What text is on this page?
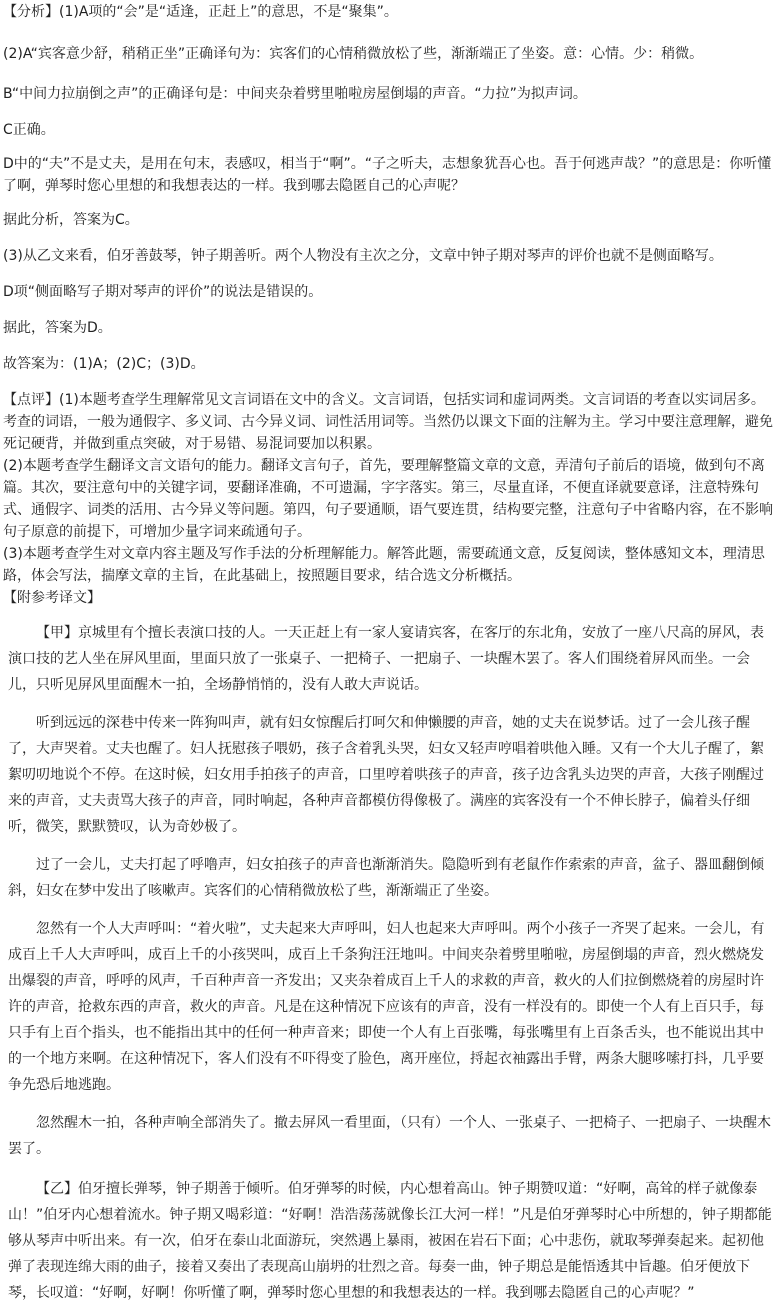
【分析】(1)A项的“会”是“适逢，正赶上”的意思，不是“聚集”。

(2)A“宾客意少舒，稍稍正坐”正确译句为：宾客们的心情稍微放松了些，渐渐端正了坐姿。意：心情。少：稍微。

B“中间力拉崩倒之声”的正确译句是：中间夹杂着劈里啪啦房屋倒塌的声音。“力拉”为拟声词。

C正确。

D中的“夫”不是丈夫，是用在句末，表感叹，相当于“啊”。“子之听夫，志想象犹吾心也。吾于何逃声哉？”的意思是：你听懂了啊，弹琴时您心里想的和我想表达的一样。我到哪去隐匿自己的心声呢？

据此分析，答案为C。

(3)从乙文来看，伯牙善鼓琴，钟子期善听。两个人物没有主次之分，文章中钟子期对琴声的评价也就不是侧面略写。

D项“侧面略写子期对琴声的评价”的说法是错误的。

据此，答案为D。

故答案为：(1)A；(2)C；(3)D。

【点评】(1)本题考查学生理解常见文言词语在文中的含义。文言词语，包括实词和虚词两类。文言词语的考查以实词居多。考查的词语，一般为通假字、多义词、古今异义词、词性活用词等。当然仍以课文下面的注解为主。学习中要注意理解，避免死记硬背，并做到重点突破，对于易错、易混词要加以积累。

(2)本题考查学生翻译文言文语句的能力。翻译文言句子，首先，要理解整篇文章的文意，弄清句子前后的语境，做到句不离篇。其次，要注意句中的关键字词，要翻译准确，不可遗漏，字字落实。第三，尽量直译，不便直译就要意译，注意特殊句式、通假字、词类的活用、古今异义等问题。第四，句子要通顺，语气要连贯，结构要完整，注意句子中省略内容，在不影响句子原意的前提下，可增加少量字词来疏通句子。

(3)本题考查学生对文章内容主题及写作手法的分析理解能力。解答此题，需要疏通文意，反复阅读，整体感知文本，理清思路，体会写法，揣摩文章的主旨，在此基础上，按照题目要求，结合选文分析概括。

【附参考译文】

【甲】京城里有个擅长表演口技的人。一天正赶上有一家人宴请宾客，在客厅的东北角，安放了一座八尺高的屏风，表演口技的艺人坐在屏风里面，里面只放了一张桌子、一把椅子、一把扇子、一块醒木罢了。客人们围绕着屏风而坐。一会儿，只听见屏风里面醒木一拍，全场静悄悄的，没有人敢大声说话。

听到远远的深巷中传来一阵狗叫声，就有妇女惊醒后打呵欠和伸懒腰的声音，她的丈夫在说梦话。过了一会儿孩子醒了，大声哭着。丈夫也醒了。妇人抚慰孩子喂奶，孩子含着乳头哭，妇女又轻声哼唱着哄他入睡。又有一个大儿子醒了，絮絮叨叨地说个不停。在这时候，妇女用手拍孩子的声音，口里哼着哄孩子的声音，孩子边含乳头边哭的声音，大孩子刚醒过来的声音，丈夫责骂大孩子的声音，同时响起，各种声音都模仿得像极了。满座的宾客没有一个不伸长脖子，偏着头仔细听，微笑，默默赞叹，认为奇妙极了。

过了一会儿，丈夫打起了呼噜声，妇女拍孩子的声音也渐渐消失。隐隐听到有老鼠作作索索的声音，盆子、器皿翻倒倾斜，妇女在梦中发出了咳嗽声。宾客们的心情稍微放松了些，渐渐端正了坐姿。

忽然有一个人大声呼叫：“着火啦”，丈夫起来大声呼叫，妇人也起来大声呼叫。两个小孩子一齐哭了起来。一会儿，有成百上千人大声呼叫，成百上千的小孩哭叫，成百上千条狗汪汪地叫。中间夹杂着劈里啪啦，房屋倒塌的声音，烈火燃烧发出爆裂的声音，呼呼的风声，千百种声音一齐发出；又夹杂着成百上千人的求救的声音，救火的人们拉倒燃烧着的房屋时许许的声音，抢救东西的声音，救火的声音。凡是在这种情况下应该有的声音，没有一样没有的。即使一个人有上百只手，每只手有上百个指头，也不能指出其中的任何一种声音来；即使一个人有上百张嘴，每张嘴里有上百条舌头，也不能说出其中的一个地方来啊。在这种情况下，客人们没有不吓得变了脸色，离开座位，捋起衣袖露出手臂，两条大腿哆嗦打抖，几乎要争先恐后地逃跑。

忽然醒木一拍，各种声响全部消失了。撤去屏风一看里面，（只有）一个人、一张桌子、一把椅子、一把扇子、一块醒木罢了。

【乙】伯牙擅长弹琴，钟子期善于倾听。伯牙弹琴的时候，内心想着高山。钟子期赞叹道：“好啊，高耸的样子就像泰山！”伯牙内心想着流水。钟子期又喝彩道：“好啊！浩浩荡荡就像长江大河一样！”凡是伯牙弹琴时心中所想的，钟子期都能够从琴声中听出来。有一次，伯牙在泰山北面游玩，突然遇上暴雨，被困在岩石下面；心中悲伤，就取琴弹奏起来。起初他弹了表现连绵大雨的曲子，接着又奏出了表现高山崩坍的壮烈之音。每奏一曲，钟子期总是能悟透其中旨趣。伯牙便放下琴，长叹道：“好啊，好啊！你听懂了啊，弹琴时您心里想的和我想表达的一样。我到哪去隐匿自己的心声呢？”
